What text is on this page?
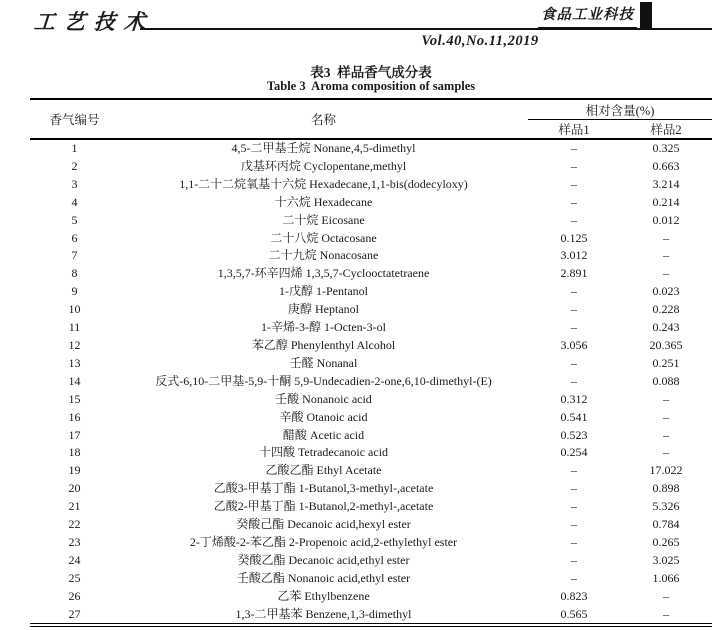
工艺技术	食品工业科技
Vol.40,No.11,2019
表3  样品香气成分表
Table 3  Aroma composition of samples
香气编号	名称	相对含量(%)	
		样品1	样品2
1	4,5-二甲基壬烷 Nonane,4,5-dimethyl	–	0.325
2	戊基环丙烷 Cyclopentane,methyl	–	0.663
3	1,1-二十二烷氧基十六烷 Hexadecane,1,1-bis(dodecyloxy)	–	3.214
4	十六烷 Hexadecane	–	0.214
5	二十烷 Eicosane	–	0.012
6	二十八烷 Octacosane	0.125	–
7	二十九烷 Nonacosane	3.012	–
8	1,3,5,7-环辛四烯 1,3,5,7-Cyclooctatetraene	2.891	–
9	1-戊醇 1-Pentanol	–	0.023
10	庚醇 Heptanol	–	0.228
11	1-辛烯-3-醇 1-Octen-3-ol	–	0.243
12	苯乙醇 Phenylenthyl Alcohol	3.056	20.365
13	壬醛 Nonanal	–	0.251
14	反式-6,10-二甲基-5,9-十酮 5,9-Undecadien-2-one,6,10-dimethyl-(E)	–	0.088
15	壬酸 Nonanoic acid	0.312	–
16	辛酸 Otanoic acid	0.541	–
17	醋酸 Acetic acid	0.523	–
18	十四酸 Tetradecanoic acid	0.254	–
19	乙酸乙酯 Ethyl Acetate	–	17.022
20	乙酸3-甲基丁酯 1-Butanol,3-methyl-,acetate	–	0.898
21	乙酸2-甲基丁酯 1-Butanol,2-methyl-,acetate	–	5.326
22	癸酸己酯 Decanoic acid,hexyl ester	–	0.784
23	2-丁烯酸-2-苯乙酯 2-Propenoic acid,2-ethylethyl ester	–	0.265
24	癸酸乙酯 Decanoic acid,ethyl ester	–	3.025
25	壬酸乙酯 Nonanoic acid,ethyl ester	–	1.066
26	乙苯 Ethylbenzene	0.823	–
27	1,3-二甲基苯 Benzene,1,3-dimethyl	0.565	–
